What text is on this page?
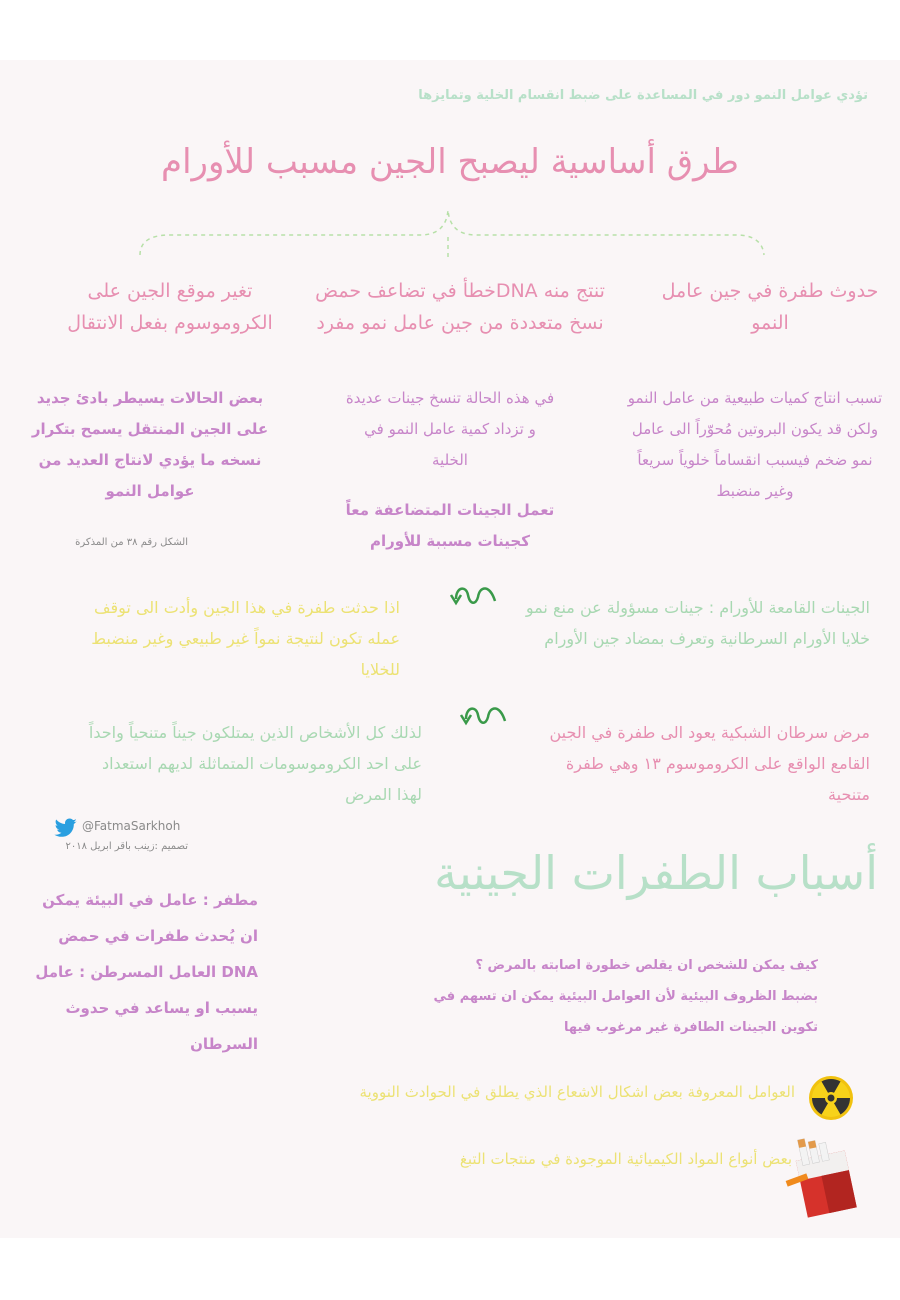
تؤدي عوامل النمو دور في المساعدة على ضبط انقسام الخلية وتمايزها

طرق أساسية ليصبح الجين مسبب للأورام

حدوث طفرة في جين عامل النمو

تنتج منه DNAخطأ في تضاعف حمض نسخ متعددة من جين عامل نمو مفرد

تغير موقع الجين على الكروموسوم بفعل الانتقال

تسبب انتاج كميات طبيعية من عامل النمو ولكن قد يكون البروتين مُحوّراً الى عامل نمو ضخم فيسبب انقساماً خلوياً سريعاً وغير منضبط

في هذه الحالة تنسخ جينات عديدة و تزداد كمية عامل النمو في الخلية

تعمل الجينات المتضاعفة معاً كجينات مسببة للأورام

بعض الحالات يسيطر بادئ جديد على الجين المنتقل يسمح بتكرار نسخه ما يؤدي لانتاج العديد من عوامل النمو

الشكل رقم ٣٨ من المذكرة

الجينات القامعة للأورام : جينات مسؤولة عن منع نمو خلايا الأورام السرطانية وتعرف بمضاد جين الأورام

اذا حدثت طفرة في هذا الجين وأدت الى توقف عمله تكون لنتيجة نمواً غير طبيعي وغير منضبط للخلايا

مرض سرطان الشبكية يعود الى طفرة في الجين القامع الواقع على الكروموسوم ١٣ وهي طفرة متنحية

لذلك كل الأشخاص الذين يمتلكون جيناً متنحياً واحداً على احد الكروموسومات المتماثلة لديهم استعداد لهذا المرض

@FatmaSarkhoh

تصميم :زينب باقر ابريل ٢٠١٨	أسباب الطفرات الجينية

مطفر : عامل في البيئة يمكن ان يُحدث طفرات في حمض DNA العامل المسرطن : عامل يسبب او يساعد في حدوث السرطان

كيف يمكن للشخص ان يقلص خطورة اصابته بالمرض ؟

بضبط الظروف البيئية لأن العوامل البيئية يمكن ان تسهم في تكوين الجينات الطافرة غير مرغوب فيها

العوامل المعروفة بعض اشكال الاشعاع الذي يطلق في الحوادث النووية

بعض أنواع المواد الكيميائية الموجودة في منتجات التبغ
